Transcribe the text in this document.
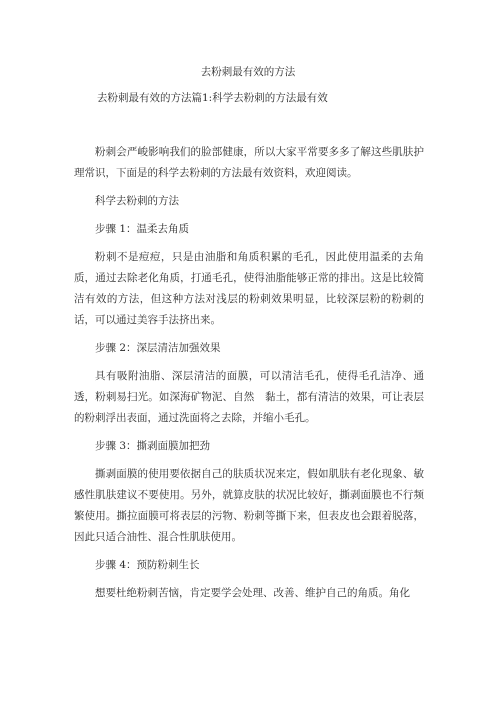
去粉刺最有效的方法
去粉刺最有效的方法篇1:科学去粉刺的方法最有效

粉刺会严峻影响我们的脸部健康，所以大家平常要多多了解这些肌肤护理常识，下面是的科学去粉刺的方法最有效资料，欢迎阅读。

科学去粉刺的方法

步骤 1：温柔去角质

粉刺不是痘痘，只是由油脂和角质积累的毛孔，因此使用温柔的去角质，通过去除老化角质，打通毛孔，使得油脂能够正常的排出。这是比较简洁有效的方法，但这种方法对浅层的粉刺效果明显，比较深层粉的粉刺的话，可以通过美容手法挤出来。

步骤 2：深层清洁加强效果

具有吸附油脂、深层清洁的面膜，可以清洁毛孔，使得毛孔洁净、通透，粉刺易扫光。如深海矿物泥、自然　黏土，都有清洁的效果，可让表层的粉刺浮出表面，通过洗面将之去除，并缩小毛孔。

步骤 3：撕剥面膜加把劲

撕剥面膜的使用要依据自己的肤质状况来定，假如肌肤有老化现象、敏感性肌肤建议不要使用。另外，就算皮肤的状况比较好，撕剥面膜也不行频繁使用。撕拉面膜可将表层的污物、粉刺等撕下来，但表皮也会跟着脱落，因此只适合油性、混合性肌肤使用。

步骤 4：预防粉刺生长

想要杜绝粉刺苦恼，肯定要学会处理、改善、维护自己的角质。角化
